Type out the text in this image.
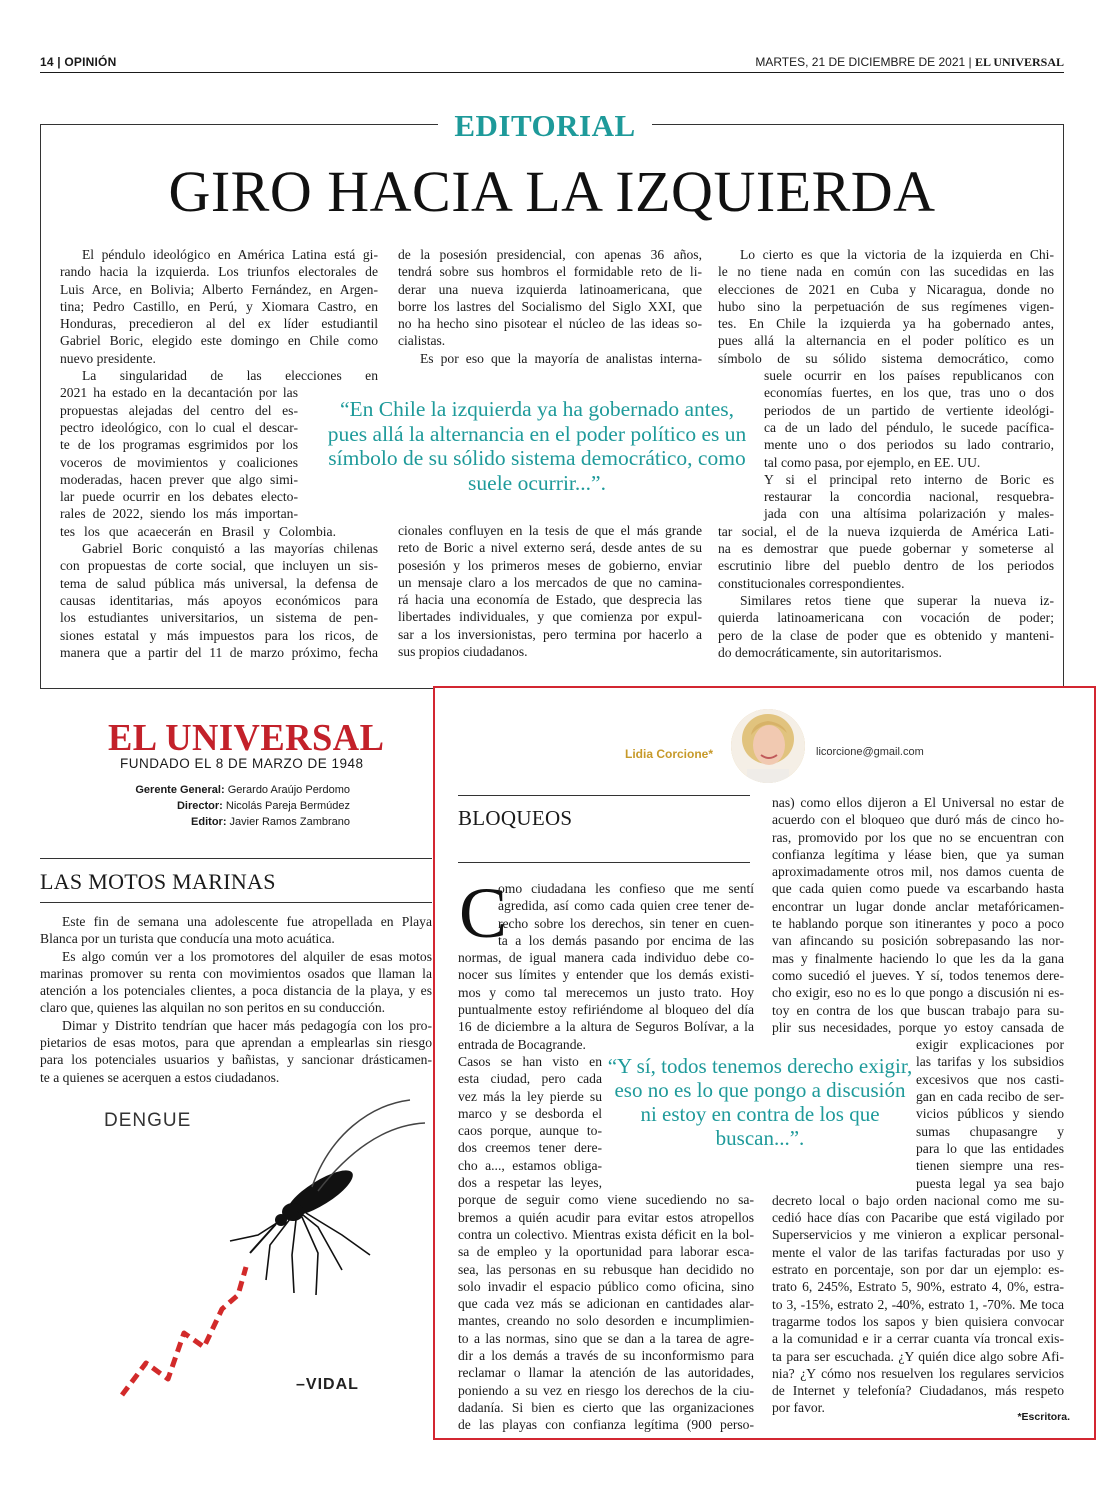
14 | OPINIÓN	MARTES, 21 DE DICIEMBRE DE 2021 | EL UNIVERSAL
EDITORIAL
GIRO HACIA LA IZQUIERDA
El péndulo ideológico en América Latina está gi-
rando hacia la izquierda. Los triunfos electorales de
Luis Arce, en Bolivia; Alberto Fernández, en Argen-
tina; Pedro Castillo, en Perú, y Xiomara Castro, en
Honduras, precedieron al del ex líder estudiantil
Gabriel Boric, elegido este domingo en Chile como
nuevo presidente.
La singularidad de las elecciones en
2021 ha estado en la decantación por las
propuestas alejadas del centro del es-
pectro ideológico, con lo cual el descar-
te de los programas esgrimidos por los
voceros de movimientos y coaliciones
moderadas, hacen prever que algo simi-
lar puede ocurrir en los debates electo-
rales de 2022, siendo los más importan-
tes los que acaecerán en Brasil y Colombia.
Gabriel Boric conquistó a las mayorías chilenas
con propuestas de corte social, que incluyen un sis-
tema de salud pública más universal, la defensa de
causas identitarias, más apoyos económicos para
los estudiantes universitarios, un sistema de pen-
siones estatal y más impuestos para los ricos, de
manera que a partir del 11 de marzo próximo, fecha
de la posesión presidencial, con apenas 36 años,
tendrá sobre sus hombros el formidable reto de li-
derar una nueva izquierda latinoamericana, que
borre los lastres del Socialismo del Siglo XXI, que
no ha hecho sino pisotear el núcleo de las ideas so-
cialistas.
Es por eso que la mayoría de analistas interna-
cionales confluyen en la tesis de que el más grande
reto de Boric a nivel externo será, desde antes de su
posesión y los primeros meses de gobierno, enviar
un mensaje claro a los mercados de que no camina-
rá hacia una economía de Estado, que desprecia las
libertades individuales, y que comienza por expul-
sar a los inversionistas, pero termina por hacerlo a
sus propios ciudadanos.
Lo cierto es que la victoria de la izquierda en Chi-
le no tiene nada en común con las sucedidas en las
elecciones de 2021 en Cuba y Nicaragua, donde no
hubo sino la perpetuación de sus regímenes vigen-
tes. En Chile la izquierda ya ha gobernado antes,
pues allá la alternancia en el poder político es un
símbolo de su sólido sistema democrático, como
suele ocurrir en los países republicanos con
economías fuertes, en los que, tras uno o dos
periodos de un partido de vertiente ideológi-
ca de un lado del péndulo, le sucede pacífica-
mente uno o dos periodos su lado contrario,
tal como pasa, por ejemplo, en EE. UU.
Y si el principal reto interno de Boric es
restaurar la concordia nacional, resquebra-
jada con una altísima polarización y males-
tar social, el de la nueva izquierda de América Lati-
na es demostrar que puede gobernar y someterse al
escrutinio libre del pueblo dentro de los periodos
constitucionales correspondientes.
Similares retos tiene que superar la nueva iz-
quierda latinoamericana con vocación de poder;
pero de la clase de poder que es obtenido y manteni-
do democráticamente, sin autoritarismos.
“En Chile la izquierda ya ha gobernado antes, pues allá la alternancia en el poder político es un símbolo de su sólido sistema democrático, como suele ocurrir...”.
EL UNIVERSAL
FUNDADO EL 8 DE MARZO DE 1948
Gerente General: Gerardo Araújo Perdomo
Director: Nicolás Pareja Bermúdez
Editor: Javier Ramos Zambrano
LAS MOTOS MARINAS
Este fin de semana una adolescente fue atropellada en Playa
Blanca por un turista que conducía una moto acuática.
Es algo común ver a los promotores del alquiler de esas motos
marinas promover su renta con movimientos osados que llaman la
atención a los potenciales clientes, a poca distancia de la playa, y es
claro que, quienes las alquilan no son peritos en su conducción.
Dimar y Distrito tendrían que hacer más pedagogía con los pro-
pietarios de esas motos, para que aprendan a emplearlas sin riesgo
para los potenciales usuarios y bañistas, y sancionar drásticamen-
te a quienes se acerquen a estos ciudadanos.
DENGUE
–VIDAL
Lidia Corcione*	licorcione@gmail.com
BLOQUEOS
C
omo ciudadana les confieso que me sentí
agredida, así como cada quien cree tener de-
recho sobre los derechos, sin tener en cuen-
ta a los demás pasando por encima de las
normas, de igual manera cada individuo debe co-
nocer sus límites y entender que los demás existi-
mos y como tal merecemos un justo trato. Hoy
puntualmente estoy refiriéndome al bloqueo del día
16 de diciembre a la altura de Seguros Bolívar, a la
entrada de Bocagrande.
Casos se han visto en
esta ciudad, pero cada
vez más la ley pierde su
marco y se desborda el
caos porque, aunque to-
dos creemos tener dere-
cho a..., estamos obliga-
dos a respetar las leyes,
porque de seguir como viene sucediendo no sa-
bremos a quién acudir para evitar estos atropellos
contra un colectivo. Mientras exista déficit en la bol-
sa de empleo y la oportunidad para laborar esca-
sea, las personas en su rebusque han decidido no
solo invadir el espacio público como oficina, sino
que cada vez más se adicionan en cantidades alar-
mantes, creando no solo desorden e incumplimien-
to a las normas, sino que se dan a la tarea de agre-
dir a los demás a través de su inconformismo para
reclamar o llamar la atención de las autoridades,
poniendo a su vez en riesgo los derechos de la ciu-
dadanía. Si bien es cierto que las organizaciones
de las playas con confianza legítima (900 perso-
nas) como ellos dijeron a El Universal no estar de
acuerdo con el bloqueo que duró más de cinco ho-
ras, promovido por los que no se encuentran con
confianza legítima y léase bien, que ya suman
aproximadamente otros mil, nos damos cuenta de
que cada quien como puede va escarbando hasta
encontrar un lugar donde anclar metafóricamen-
te hablando porque son itinerantes y poco a poco
van afincando su posición sobrepasando las nor-
mas y finalmente haciendo lo que les da la gana
como sucedió el jueves. Y sí, todos tenemos dere-
cho exigir, eso no es lo que pongo a discusión ni es-
toy en contra de los que buscan trabajo para su-
plir sus necesidades, porque yo estoy cansada de
exigir explicaciones por
las tarifas y los subsidios
excesivos que nos casti-
gan en cada recibo de ser-
vicios públicos y siendo
sumas chupasangre y
para lo que las entidades
tienen siempre una res-
puesta legal ya sea bajo
decreto local o bajo orden nacional como me su-
cedió hace días con Pacaribe que está vigilado por
Superservicios y me vinieron a explicar personal-
mente el valor de las tarifas facturadas por uso y
estrato en porcentaje, son por dar un ejemplo: es-
trato 6, 245%, Estrato 5, 90%, estrato 4, 0%, estra-
to 3, -15%, estrato 2, -40%, estrato 1, -70%. Me toca
tragarme todos los sapos y bien quisiera convocar
a la comunidad e ir a cerrar cuanta vía troncal exis-
ta para ser escuchada. ¿Y quién dice algo sobre Afi-
nia? ¿Y cómo nos resuelven los regulares servicios
de Internet y telefonía? Ciudadanos, más respeto
por favor.
“Y sí, todos tenemos derecho exigir, eso no es lo que pongo a discusión ni estoy en contra de los que buscan...”.
*Escritora.
